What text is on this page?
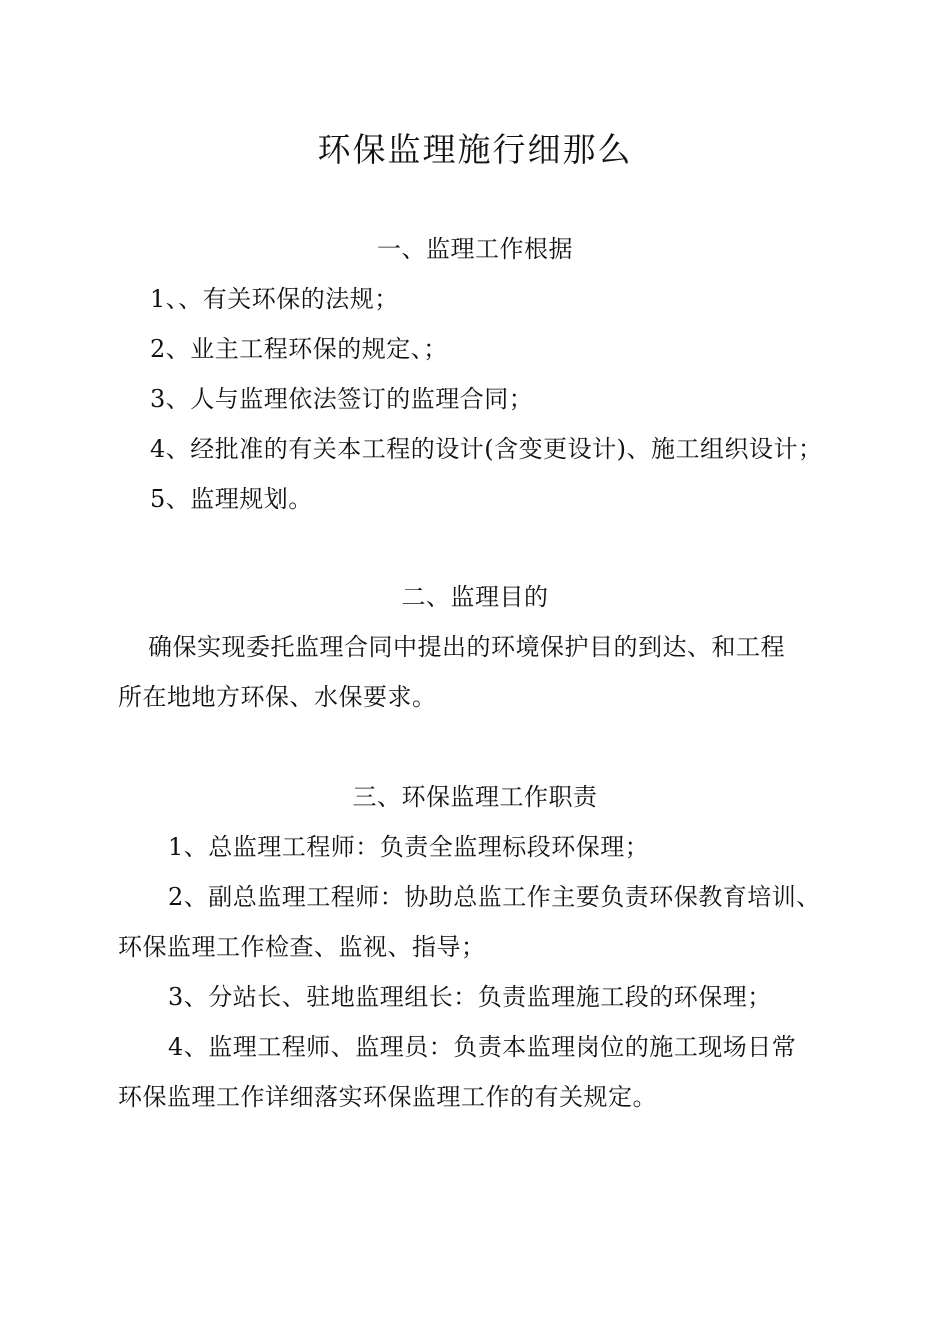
环保监理施行细那么
一、监理工作根据
1、、有关环保的法规；
2、业主工程环保的规定、；
3、人与监理依法签订的监理合同；
4、经批准的有关本工程的设计(含变更设计)、施工组织设计；
5、监理规划。
二、监理目的
确保实现委托监理合同中提出的环境保护目的到达、和工程
所在地地方环保、水保要求。
三、环保监理工作职责
1、总监理工程师：负责全监理标段环保理；
2、副总监理工程师：协助总监工作主要负责环保教育培训、
环保监理工作检查、监视、指导；
3、分站长、驻地监理组长：负责监理施工段的环保理；
4、监理工程师、监理员：负责本监理岗位的施工现场日常
环保监理工作详细落实环保监理工作的有关规定。
